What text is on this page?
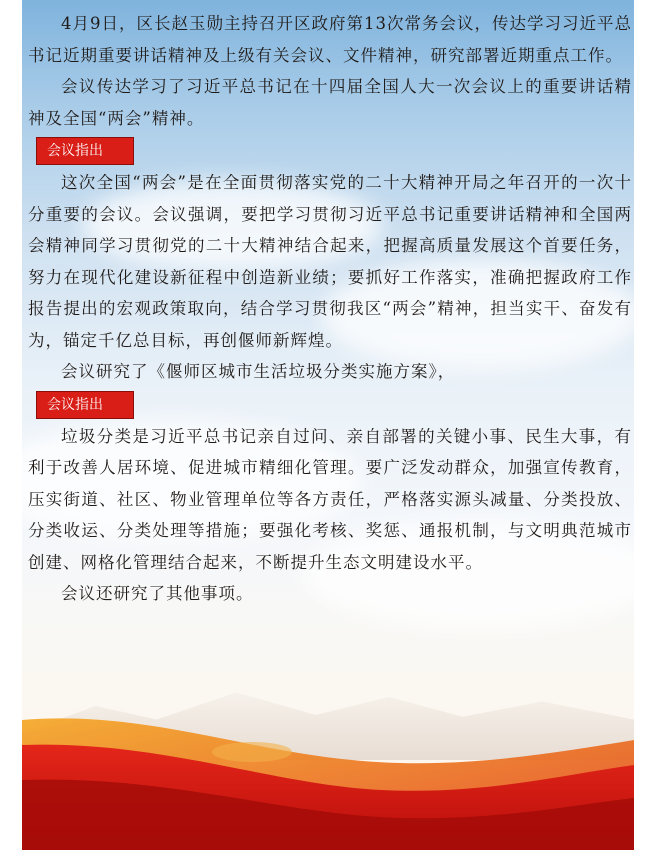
4月9日，区长赵玉勋主持召开区政府第13次常务会议，传达学习习近平总书记近期重要讲话精神及上级有关会议、文件精神，研究部署近期重点工作。

会议传达学习了习近平总书记在十四届全国人大一次会议上的重要讲话精神及全国“两会”精神。

会议指出

这次全国“两会”是在全面贯彻落实党的二十大精神开局之年召开的一次十分重要的会议。会议强调，要把学习贯彻习近平总书记重要讲话精神和全国两会精神同学习贯彻党的二十大精神结合起来，把握高质量发展这个首要任务，努力在现代化建设新征程中创造新业绩；要抓好工作落实，准确把握政府工作报告提出的宏观政策取向，结合学习贯彻我区“两会”精神，担当实干、奋发有为，锚定千亿总目标，再创偃师新辉煌。

会议研究了《偃师区城市生活垃圾分类实施方案》，

会议指出

垃圾分类是习近平总书记亲自过问、亲自部署的关键小事、民生大事，有利于改善人居环境、促进城市精细化管理。要广泛发动群众，加强宣传教育，压实街道、社区、物业管理单位等各方责任，严格落实源头减量、分类投放、分类收运、分类处理等措施；要强化考核、奖惩、通报机制，与文明典范城市创建、网格化管理结合起来，不断提升生态文明建设水平。

会议还研究了其他事项。
